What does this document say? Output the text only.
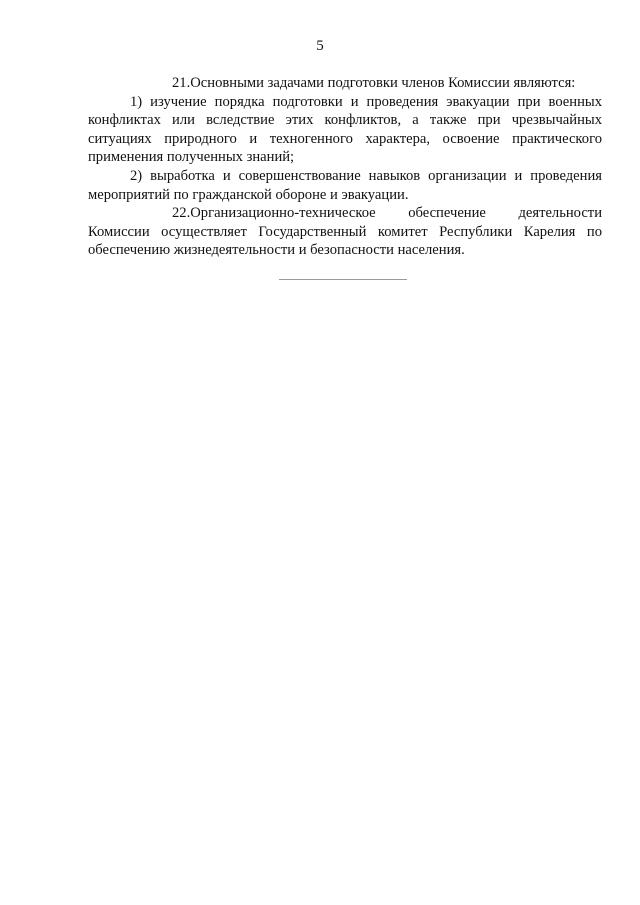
5

21.Основными задачами подготовки членов Комиссии являются:

1) изучение порядка подготовки и проведения эвакуации при военных конфликтах или вследствие этих конфликтов, а также при чрезвычайных ситуациях природного и техногенного характера, освоение практического применения полученных знаний;

2) выработка и совершенствование навыков организации и проведения мероприятий по гражданской обороне и эвакуации.

22.Организационно-техническое обеспечение деятельности Комиссии осуществляет Государственный комитет Республики Карелия по обеспечению жизнедеятельности и безопасности населения.
